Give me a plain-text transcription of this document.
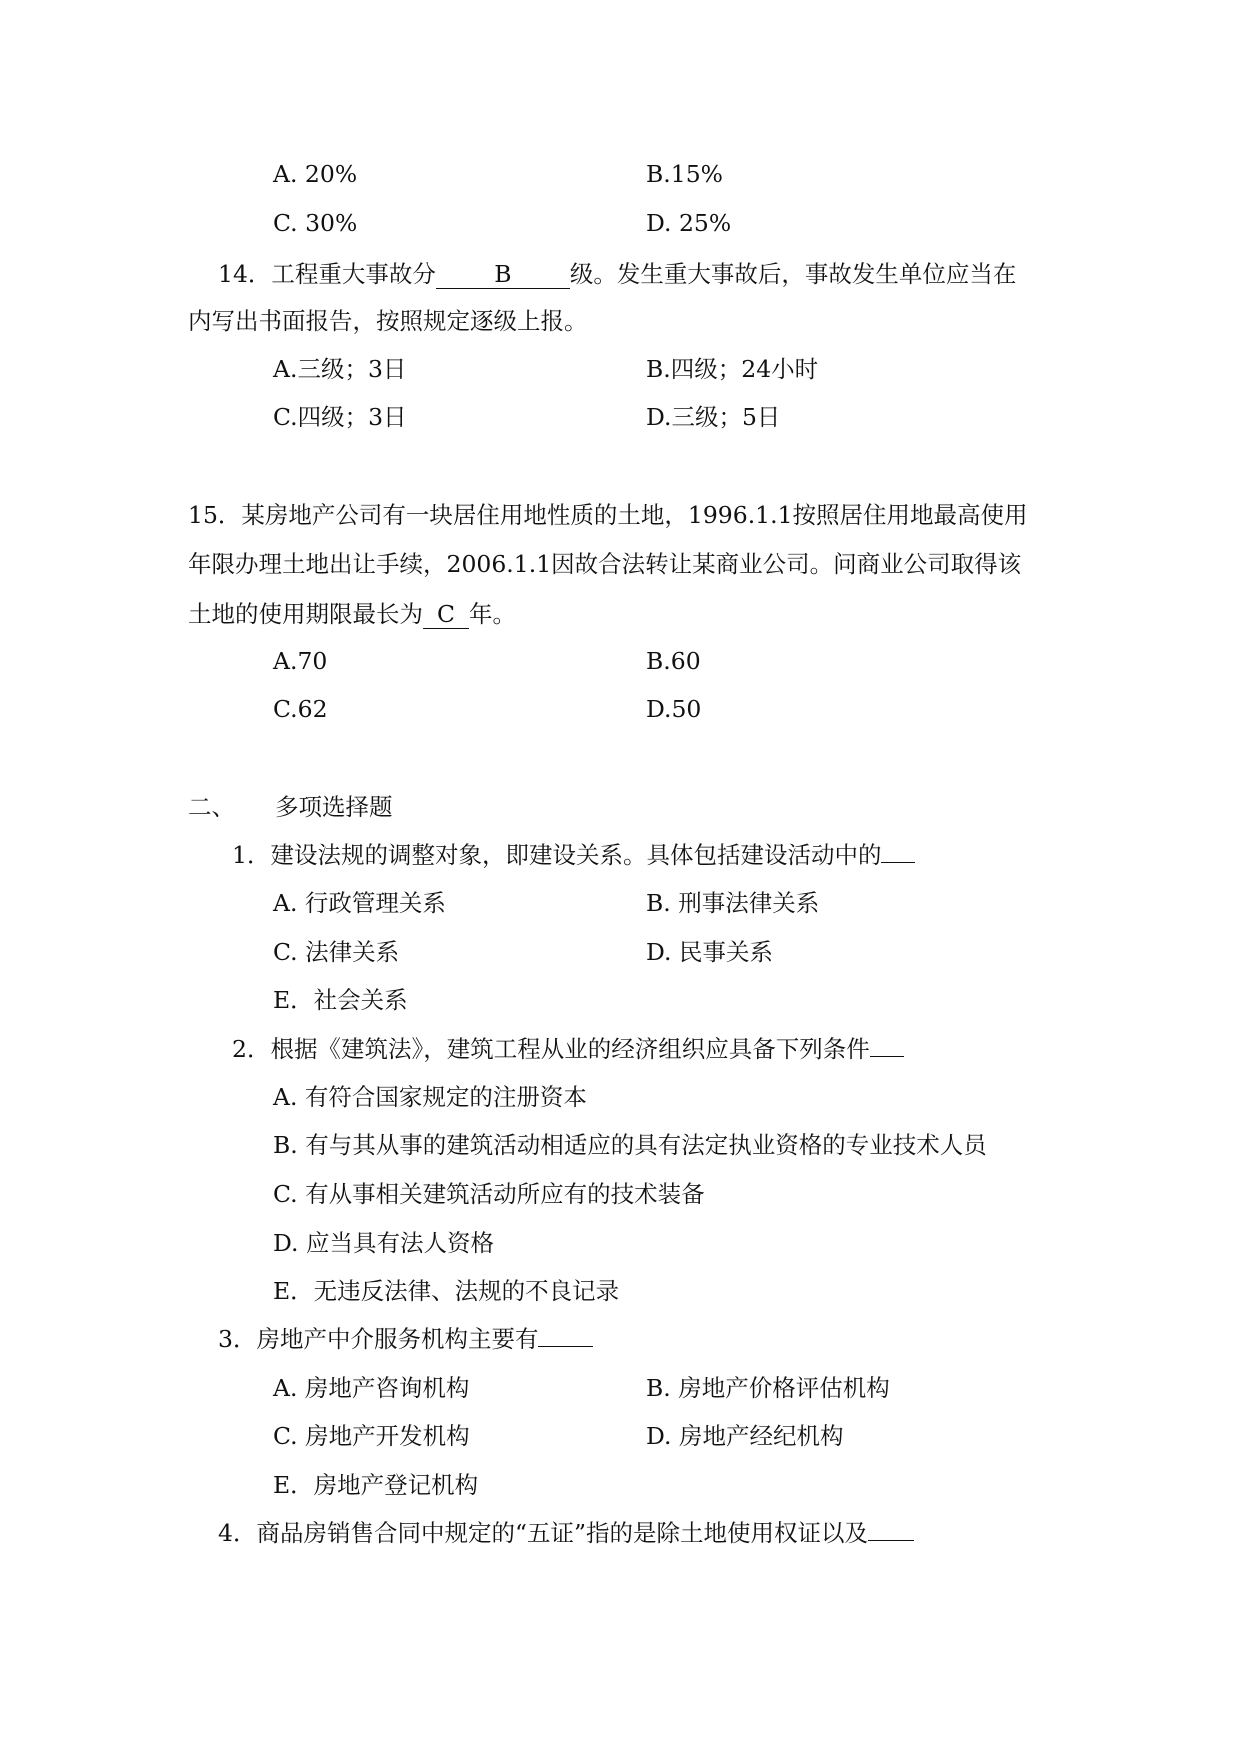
A. 20%	B.15%
C. 30%	D. 25%
14．工程重大事故分 B 级。发生重大事故后，事故发生单位应当在
内写出书面报告，按照规定逐级上报。
A.三级；3日	B.四级；24小时
C.四级；3日	D.三级；5日
15．某房地产公司有一块居住用地性质的土地，1996.1.1按照居住用地最高使用
年限办理土地出让手续，2006.1.1因故合法转让某商业公司。问商业公司取得该
土地的使用期限最长为 C 年。
A.70	B.60
C.62	D.50
二、 多项选择题
1．建设法规的调整对象，即建设关系。具体包括建设活动中的
A. 行政管理关系	B. 刑事法律关系
C. 法律关系	D. 民事关系
E．社会关系
2．根据《建筑法》，建筑工程从业的经济组织应具备下列条件
A. 有符合国家规定的注册资本
B. 有与其从事的建筑活动相适应的具有法定执业资格的专业技术人员
C. 有从事相关建筑活动所应有的技术装备
D. 应当具有法人资格
E．无违反法律、法规的不良记录
3．房地产中介服务机构主要有
A. 房地产咨询机构	B. 房地产价格评估机构
C. 房地产开发机构	D. 房地产经纪机构
E．房地产登记机构
4．商品房销售合同中规定的“五证”指的是除土地使用权证以及
